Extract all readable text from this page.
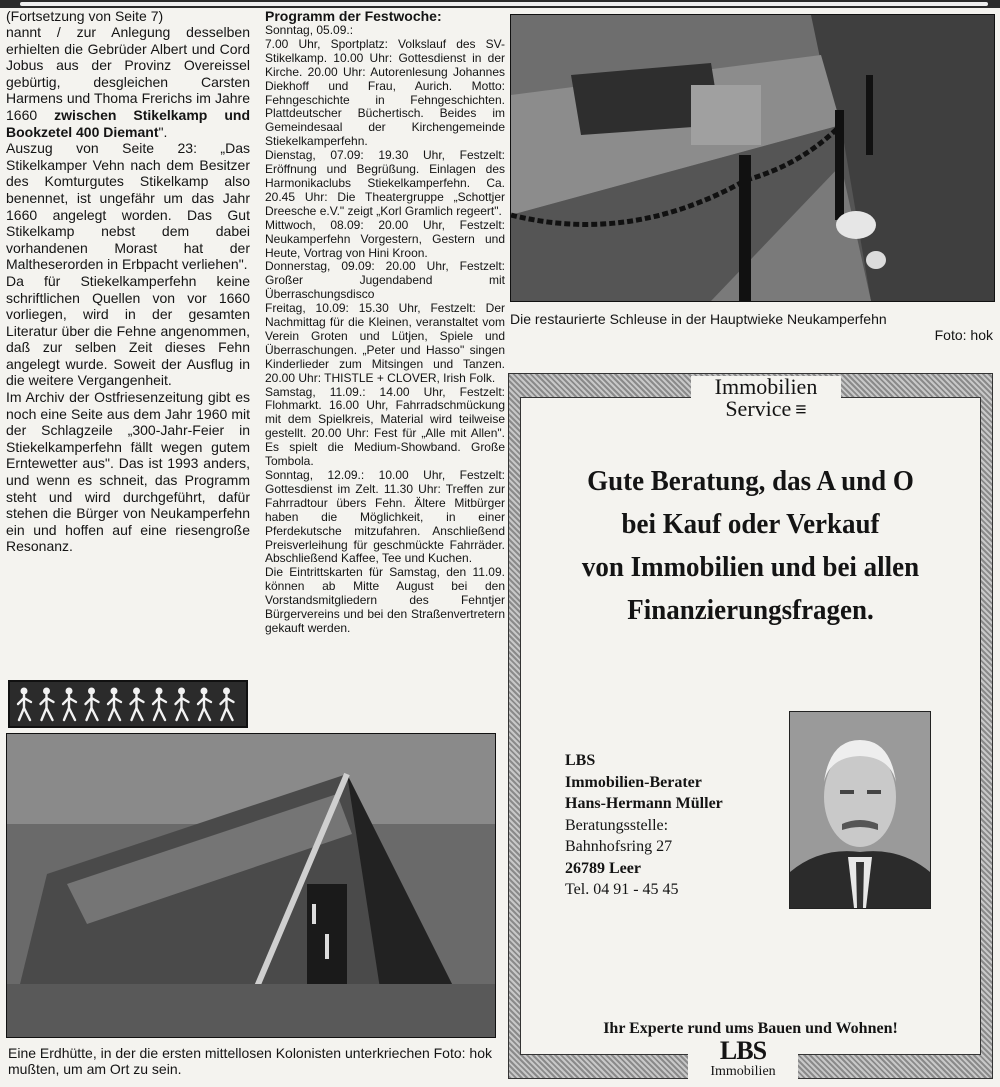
(Fortsetzung von Seite 7)

nannt / zur Anlegung desselben erhielten die Gebrüder Albert und Cord Jobus aus der Provinz Overeissel gebürtig, desgleichen Carsten Harmens und Thoma Frerichs im Jahre 1660 zwischen Stikelkamp und Bookzetel 400 Diemant".

Auszug von Seite 23: „Das Stikelkamper Vehn nach dem Besitzer des Komturgutes Stikelkamp also benennet, ist ungefähr um das Jahr 1660 angelegt worden. Das Gut Stikelkamp nebst dem dabei vorhandenen Morast hat der Maltheserorden in Erbpacht verliehen".

Da für Stiekelkamperfehn keine schriftlichen Quellen von vor 1660 vorliegen, wird in der gesamten Literatur über die Fehne angenommen, daß zur selben Zeit dieses Fehn angelegt wurde. Soweit der Ausflug in die weitere Vergangenheit.

Im Archiv der Ostfriesenzeitung gibt es noch eine Seite aus dem Jahr 1960 mit der Schlagzeile „300-Jahr-Feier in Stiekelkamperfehn fällt wegen gutem Erntewetter aus". Das ist 1993 anders, und wenn es schneit, das Programm steht und wird durchgeführt, dafür stehen die Bürger von Neukamperfehn ein und hoffen auf eine riesengroße Resonanz.

Programm der Festwoche:

Sonntag, 05.09.:

7.00 Uhr, Sportplatz: Volkslauf des SV-Stikelkamp. 10.00 Uhr: Gottesdienst in der Kirche. 20.00 Uhr: Autorenlesung Johannes Diekhoff und Frau, Aurich. Motto: Fehngeschichte in Fehngeschichten. Plattdeutscher Büchertisch. Beides im Gemeindesaal der Kirchengemeinde Stiekelkamperfehn.

Dienstag, 07.09: 19.30 Uhr, Festzelt: Eröffnung und Begrüßung. Einlagen des Harmonikaclubs Stiekelkamperfehn. Ca. 20.45 Uhr: Die Theatergruppe „Schottjer Dreesche e.V." zeigt „Korl Gramlich regeert".

Mittwoch, 08.09: 20.00 Uhr, Festzelt: Neukamperfehn Vorgestern, Gestern und Heute, Vortrag von Hini Kroon.

Donnerstag, 09.09: 20.00 Uhr, Festzelt: Großer Jugendabend mit Überraschungsdisco

Freitag, 10.09: 15.30 Uhr, Festzelt: Der Nachmittag für die Kleinen, veranstaltet vom Verein Groten und Lütjen, Spiele und Überraschungen. „Peter und Hasso" singen Kinderlieder zum Mitsingen und Tanzen. 20.00 Uhr: THISTLE + CLOVER, Irish Folk.

Samstag, 11.09.: 14.00 Uhr, Festzelt: Flohmarkt. 16.00 Uhr, Fahrradschmückung mit dem Spielkreis, Material wird teilweise gestellt. 20.00 Uhr: Fest für „Alle mit Allen". Es spielt die Medium-Showband. Große Tombola.

Sonntag, 12.09.: 10.00 Uhr, Festzelt: Gottesdienst im Zelt. 11.30 Uhr: Treffen zur Fahrradtour übers Fehn. Ältere Mitbürger haben die Möglichkeit, in einer Pferdekutsche mitzufahren. Anschließend Preisverleihung für geschmückte Fahrräder. Abschließend Kaffee, Tee und Kuchen.

Die Eintrittskarten für Samstag, den 11.09. können ab Mitte August bei den Vorstandsmitgliedern des Fehntjer Bürgervereins und bei den Straßenvertretern gekauft werden.

Die restaurierte Schleuse in der Hauptwieke Neukamperfehn
Foto: hok
Foto: hok
Eine Erdhütte, in der die ersten mittellosen Kolonisten unterkriechen mußten, um am Ort zu sein.
Immobilien
Service ≡
Gute Beratung, das A und O
bei Kauf oder Verkauf
von Immobilien und bei allen
Finanzierungsfragen.
LBS
Immobilien-Berater
Hans-Hermann Müller
Beratungsstelle:
Bahnhofsring 27
26789 Leer
Tel. 04 91 - 45 45
Ihr Experte rund ums Bauen und Wohnen!
LBS
Immobilien
